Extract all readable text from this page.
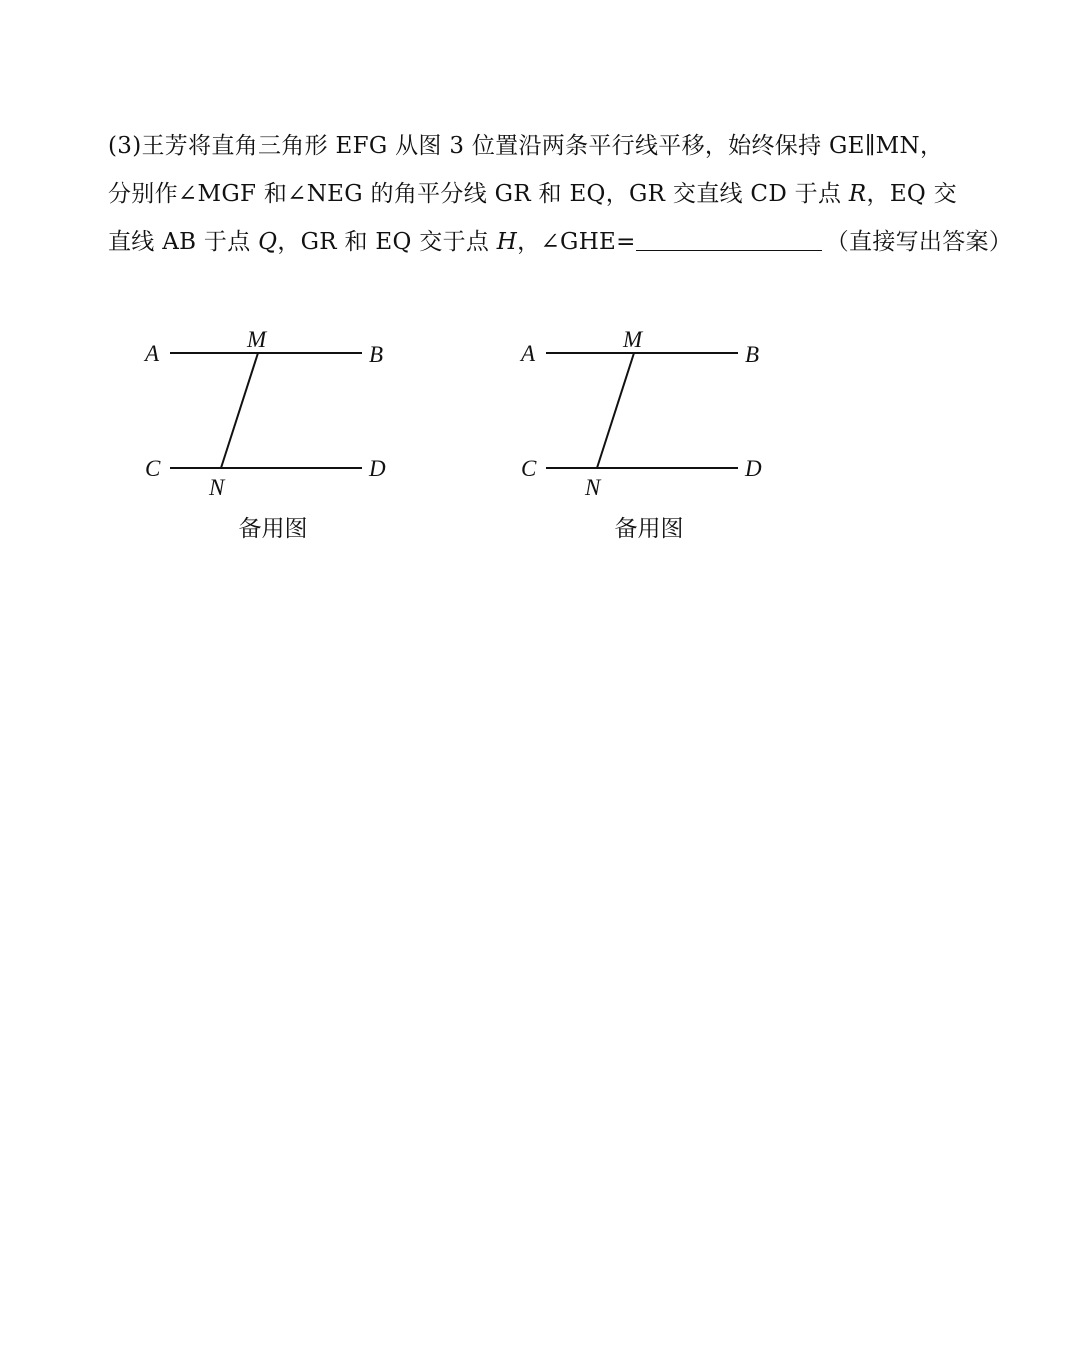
(3)王芳将直角三角形 EFG 从图 3 位置沿两条平行线平移，始终保持 GE∥MN，
分别作∠MGF 和∠NEG 的角平分线 GR 和 EQ，GR 交直线 CD 于点 R，EQ 交
直线 AB 于点 Q，GR 和 EQ 交于点 H，∠GHE=	（直接写出答案）
A
M
B
C
N
D
备用图
A
M
B
C
N
D
备用图
